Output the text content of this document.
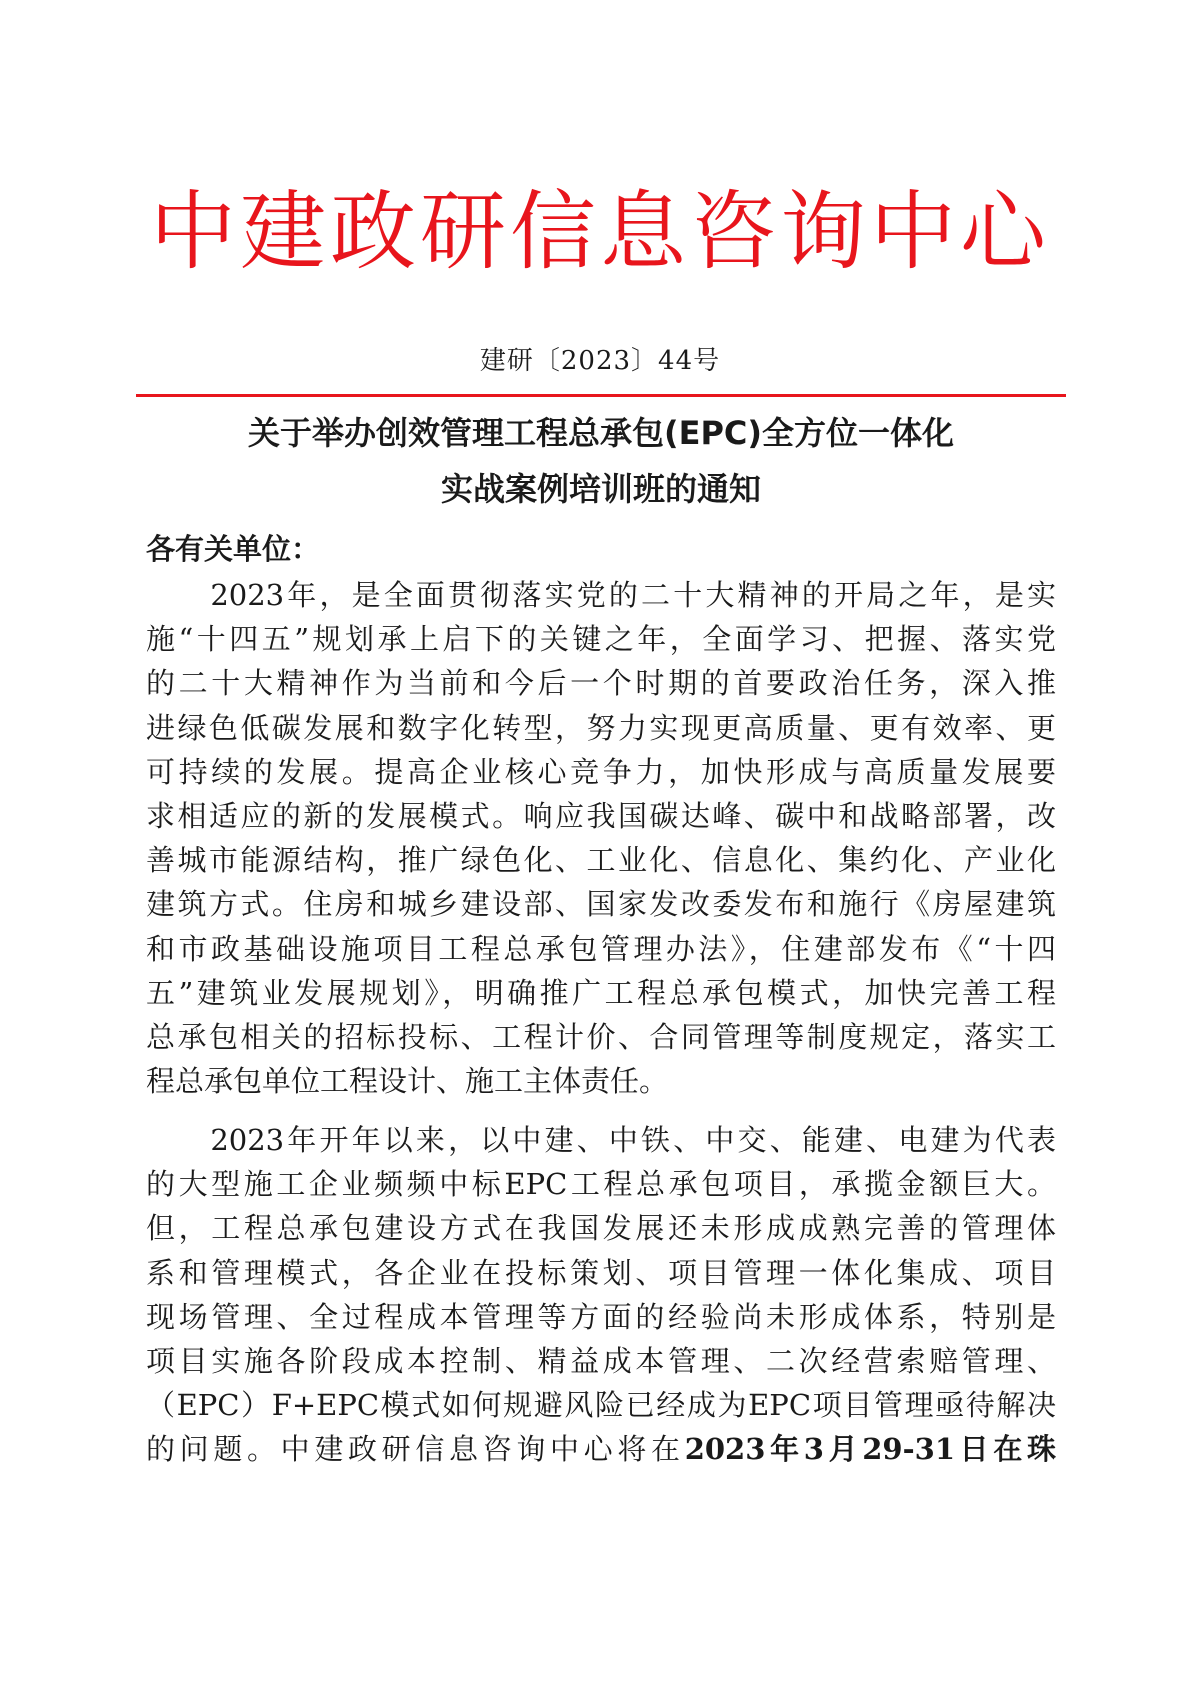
中建政研信息咨询中心
建研〔2023〕44号
关于举办创效管理工程总承包(EPC)全方位一体化
实战案例培训班的通知
各有关单位：
　　2023年，是全面贯彻落实党的二十大精神的开局之年，是实
施“十四五”规划承上启下的关键之年，全面学习、把握、落实党
的二十大精神作为当前和今后一个时期的首要政治任务，深入推
进绿色低碳发展和数字化转型，努力实现更高质量、更有效率、更
可持续的发展。提高企业核心竞争力，加快形成与高质量发展要
求相适应的新的发展模式。响应我国碳达峰、碳中和战略部署，改
善城市能源结构，推广绿色化、工业化、信息化、集约化、产业化
建筑方式。住房和城乡建设部、国家发改委发布和施行《房屋建筑
和市政基础设施项目工程总承包管理办法》，住建部发布《“十四
五”建筑业发展规划》，明确推广工程总承包模式，加快完善工程
总承包相关的招标投标、工程计价、合同管理等制度规定，落实工
程总承包单位工程设计、施工主体责任。
　　2023年开年以来，以中建、中铁、中交、能建、电建为代表
的大型施工企业频频中标EPC工程总承包项目，承揽金额巨大。
但，工程总承包建设方式在我国发展还未形成成熟完善的管理体
系和管理模式，各企业在投标策划、项目管理一体化集成、项目
现场管理、全过程成本管理等方面的经验尚未形成体系，特别是
项目实施各阶段成本控制、精益成本管理、二次经营索赔管理、
（EPC）F+EPC模式如何规避风险已经成为EPC项目管理亟待解决
的问题。中建政研信息咨询中心将在2023年3月29-31日在珠
